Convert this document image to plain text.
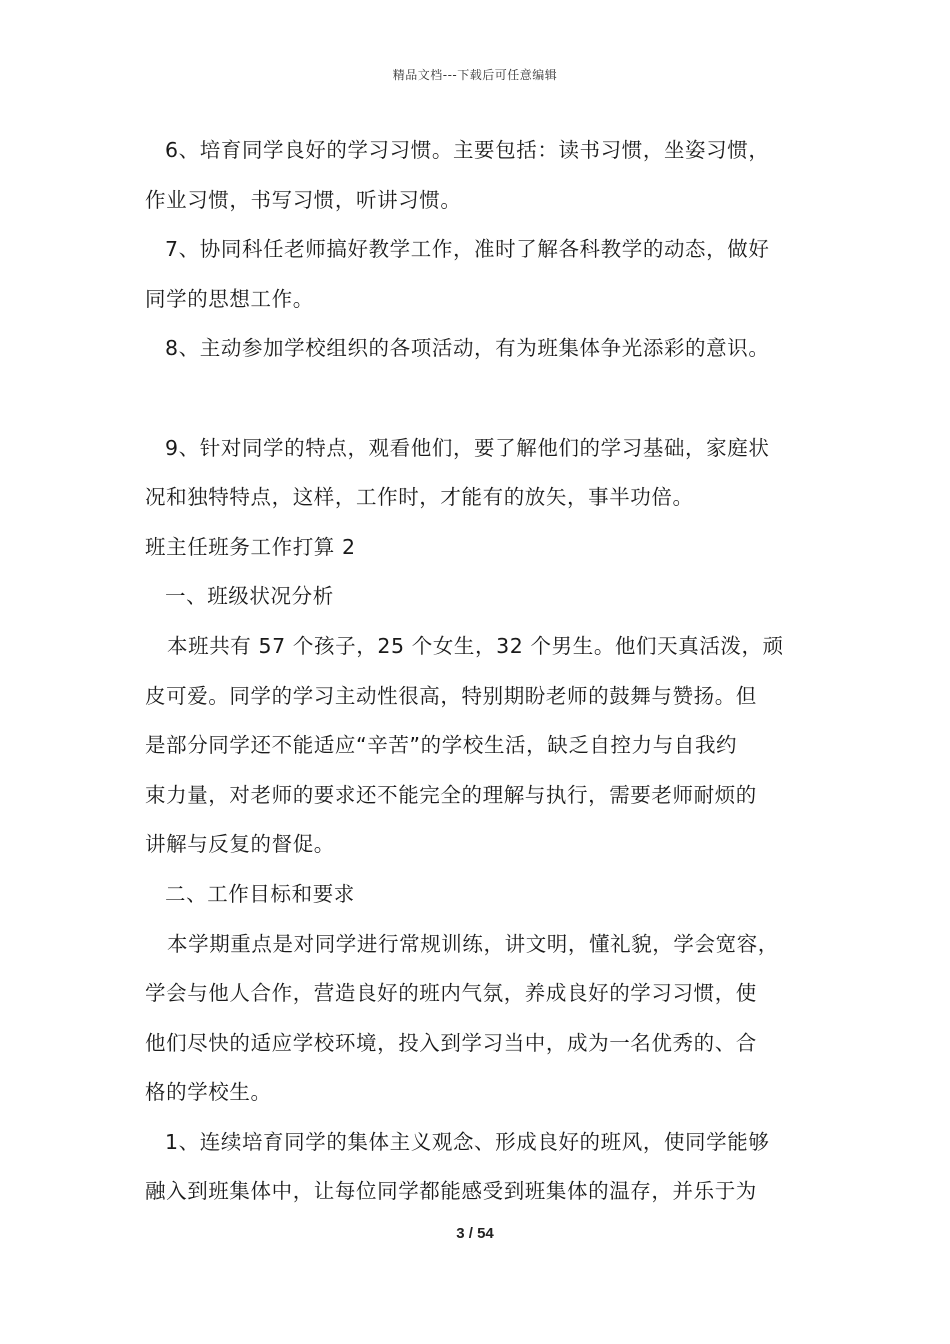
精品文档---下载后可任意编辑
6、培育同学良好的学习习惯。主要包括：读书习惯，坐姿习惯，
作业习惯，书写习惯，听讲习惯。
7、协同科任老师搞好教学工作，准时了解各科教学的动态，做好
同学的思想工作。
8、主动参加学校组织的各项活动，有为班集体争光添彩的意识。
9、针对同学的特点，观看他们，要了解他们的学习基础，家庭状
况和独特特点，这样，工作时，才能有的放矢，事半功倍。
班主任班务工作打算 2
一、班级状况分析
本班共有 57 个孩子，25 个女生，32 个男生。他们天真活泼，顽
皮可爱。同学的学习主动性很高，特别期盼老师的鼓舞与赞扬。但
是部分同学还不能适应“辛苦”的学校生活，缺乏自控力与自我约
束力量，对老师的要求还不能完全的理解与执行，需要老师耐烦的
讲解与反复的督促。
二、工作目标和要求
本学期重点是对同学进行常规训练，讲文明，懂礼貌，学会宽容，
学会与他人合作，营造良好的班内气氛，养成良好的学习习惯，使
他们尽快的适应学校环境，投入到学习当中，成为一名优秀的、合
格的学校生。
1、连续培育同学的集体主义观念、形成良好的班风，使同学能够
融入到班集体中，让每位同学都能感受到班集体的温存，并乐于为
3 / 54
